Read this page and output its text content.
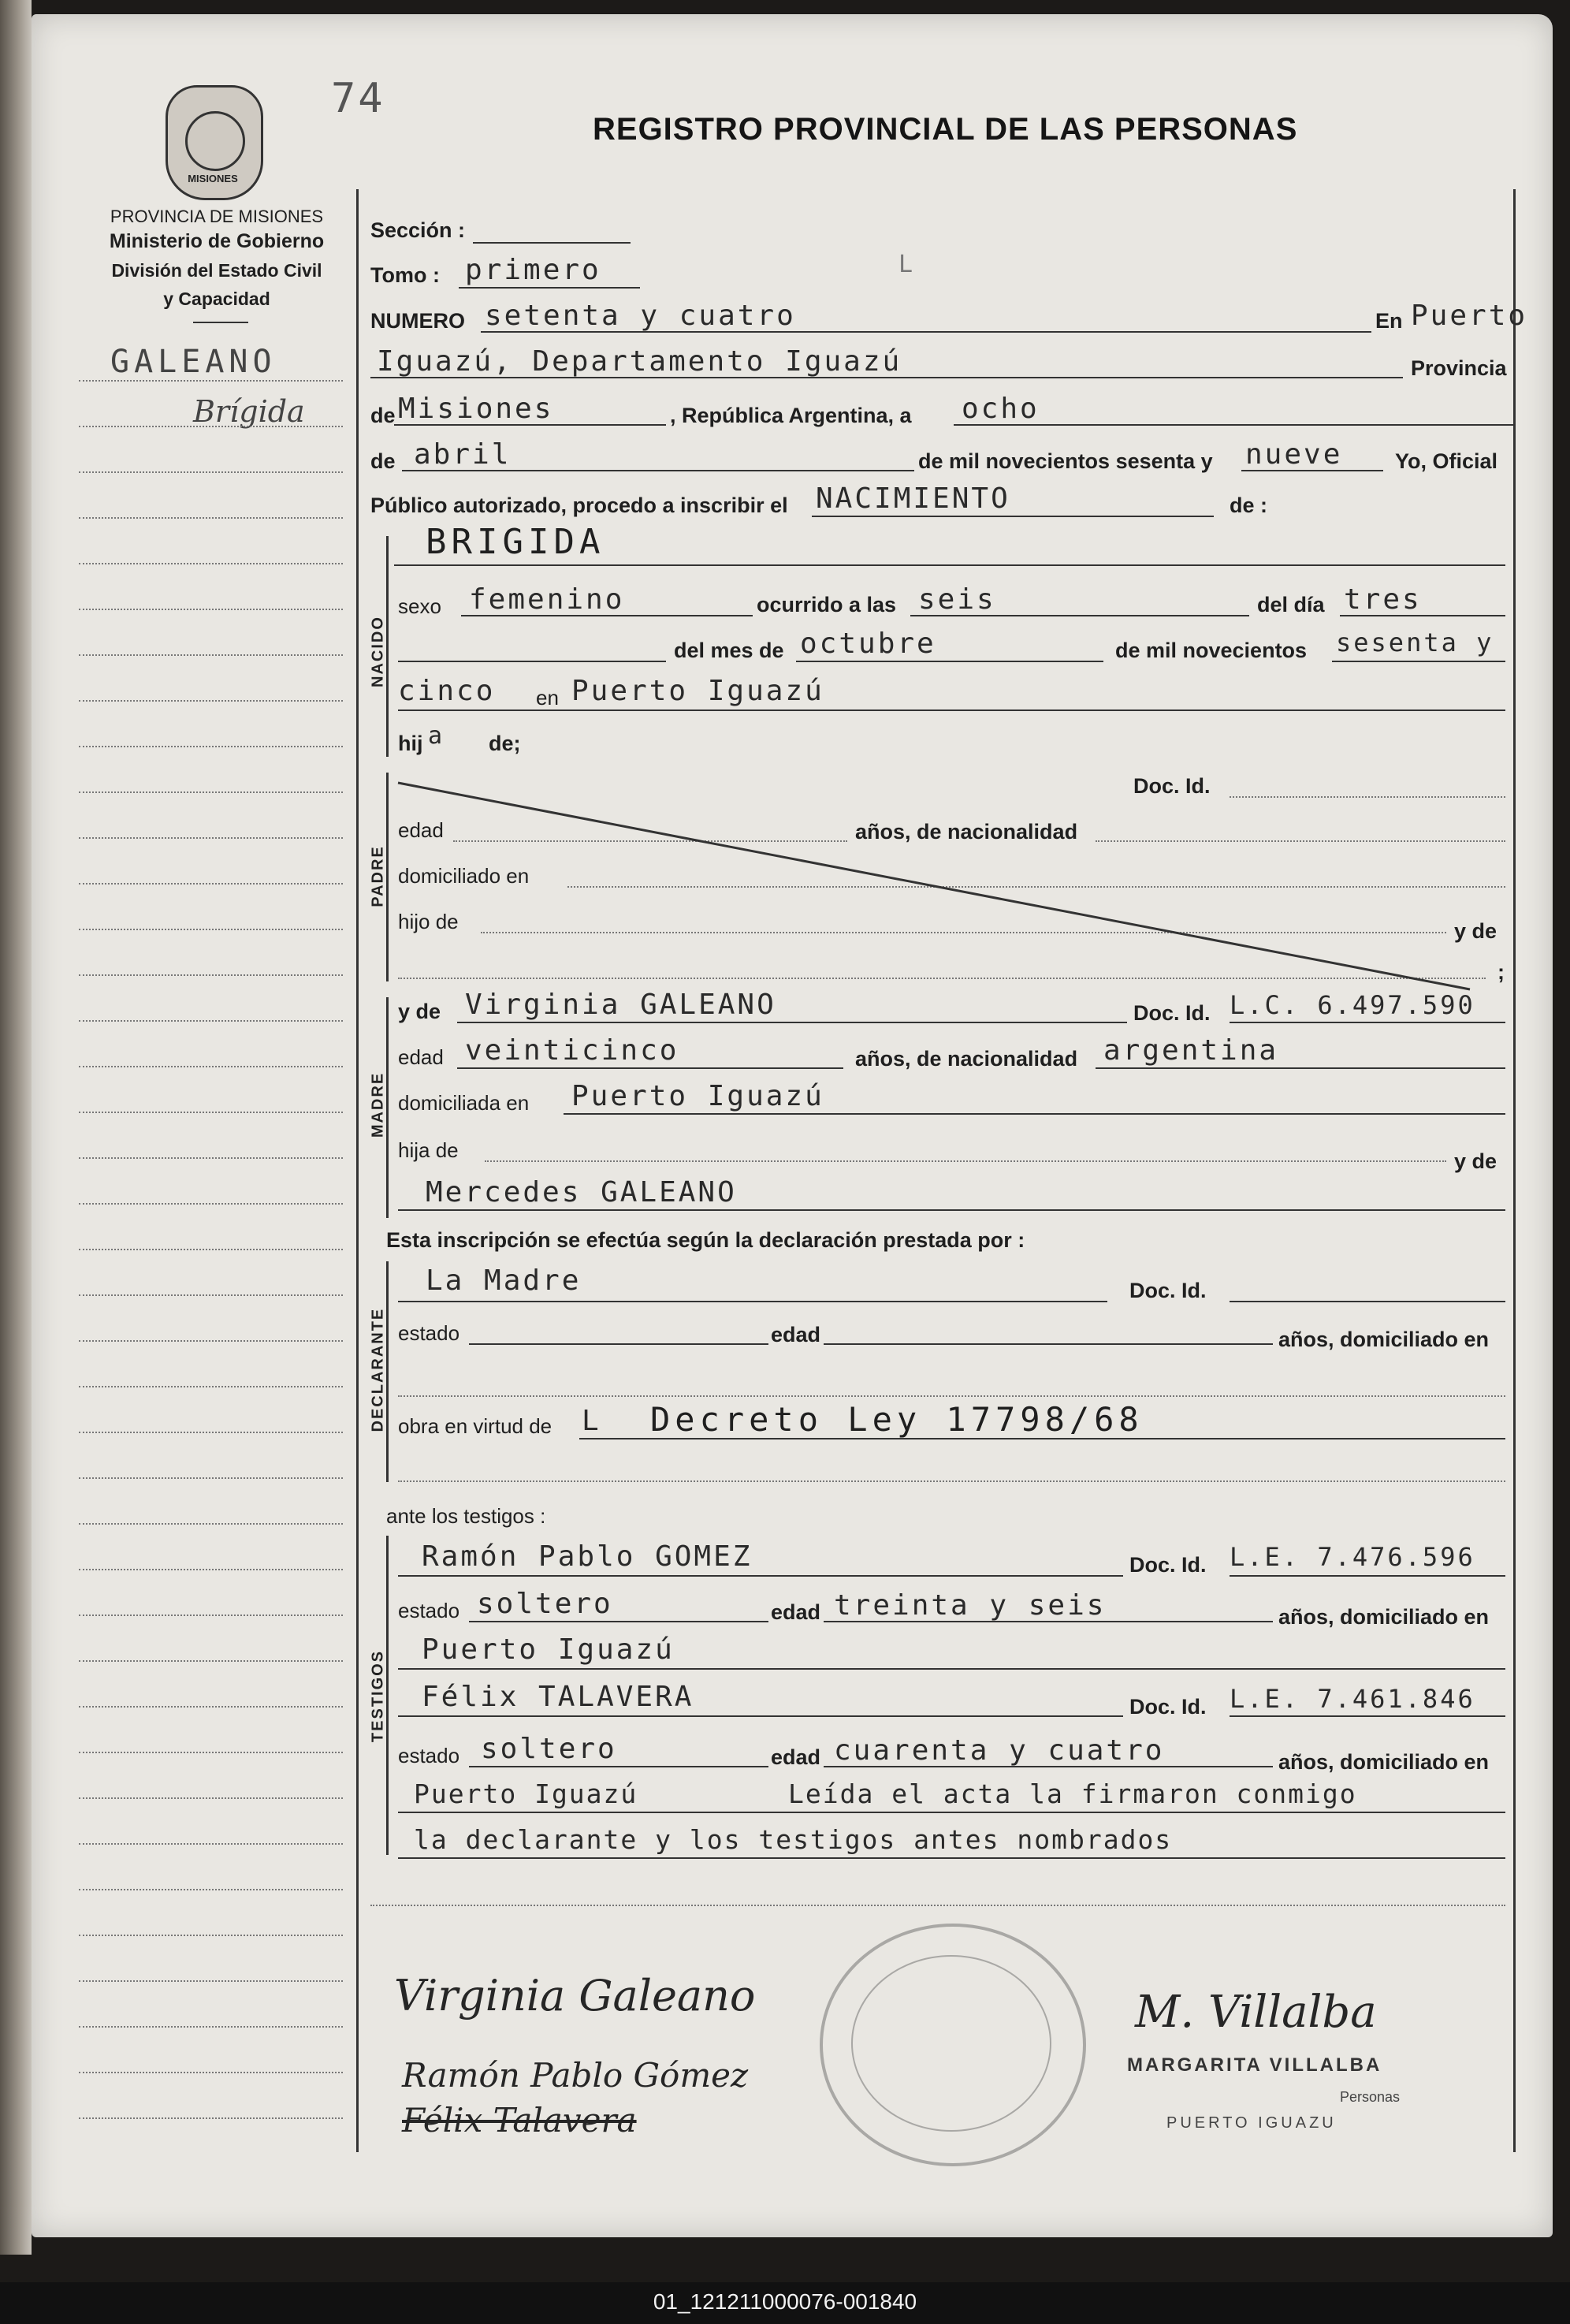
74
MISIONES
REGISTRO PROVINCIAL DE LAS PERSONAS
PROVINCIA DE MISIONES
Ministerio de Gobierno
División del Estado Civil
y Capacidad
GALEANO
Brígida
Sección :
Tomo : primero	L
NUMERO setenta y cuatro	En Puerto
Iguazú, Departamento Iguazú	Provincia
de Misiones	, República Argentina, a ocho
de abril	de mil novecientos sesenta y nueve Yo, Oficial
Público autorizado, procedo a inscribir el NACIMIENTO	de :
NACIDO
BRIGIDA
sexo femenino	ocurrido a las seis	del día tres
del mes de octubre	de mil novecientos sesenta y
cinco en Puerto Iguazú
hij a de;
PADRE
Doc. Id.
edad	años, de nacionalidad
domiciliado en
hijo de	y de
;
MADRE
y de Virginia GALEANO	Doc. Id. L.C. 6.497.590
edad veinticinco	años, de nacionalidad argentina
domiciliada en Puerto Iguazú
hija de	y de
Mercedes GALEANO
Esta inscripción se efectúa según la declaración prestada por :
DECLARANTE
La Madre	Doc. Id.
estado	edad	años, domiciliado en
obra en virtud de L Decreto Ley 17798/68
ante los testigos :
TESTIGOS
Ramón Pablo GOMEZ	Doc. Id. L.E. 7.476.596
estado soltero	edad treinta y seis	años, domiciliado en
Puerto Iguazú
Félix TALAVERA	Doc. Id. L.E. 7.461.846
estado soltero	edad cuarenta y cuatro	años, domiciliado en
Puerto Iguazú	Leída el acta la firmaron conmigo
la declarante y los testigos antes nombrados
Virginia Galeano
Ramón Pablo Gómez
Félix Talavera
M. Villalba
MARGARITA VILLALBA
Personas
PUERTO IGUAZU
01_121211000076-001840
